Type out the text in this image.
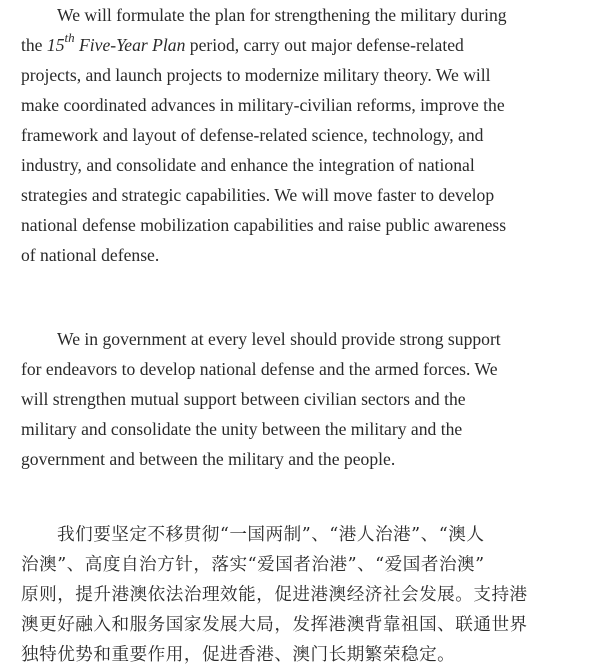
We will formulate the plan for strengthening the military during
the 15th Five-Year Plan period, carry out major defense-related
projects, and launch projects to modernize military theory. We will
make coordinated advances in military-civilian reforms, improve the
framework and layout of defense-related science, technology, and
industry, and consolidate and enhance the integration of national
strategies and strategic capabilities. We will move faster to develop
national defense mobilization capabilities and raise public awareness
of national defense.
We in government at every level should provide strong support
for endeavors to develop national defense and the armed forces. We
will strengthen mutual support between civilian sectors and the
military and consolidate the unity between the military and the
government and between the military and the people.
我们要坚定不移贯彻“一国两制”、“港人治港”、“澳人
治澳”、高度自治方针，落实“爱国者治港”、“爱国者治澳”
原则，提升港澳依法治理效能，促进港澳经济社会发展。支持港
澳更好融入和服务国家发展大局，发挥港澳背靠祖国、联通世界
独特优势和重要作用，促进香港、澳门长期繁荣稳定。
